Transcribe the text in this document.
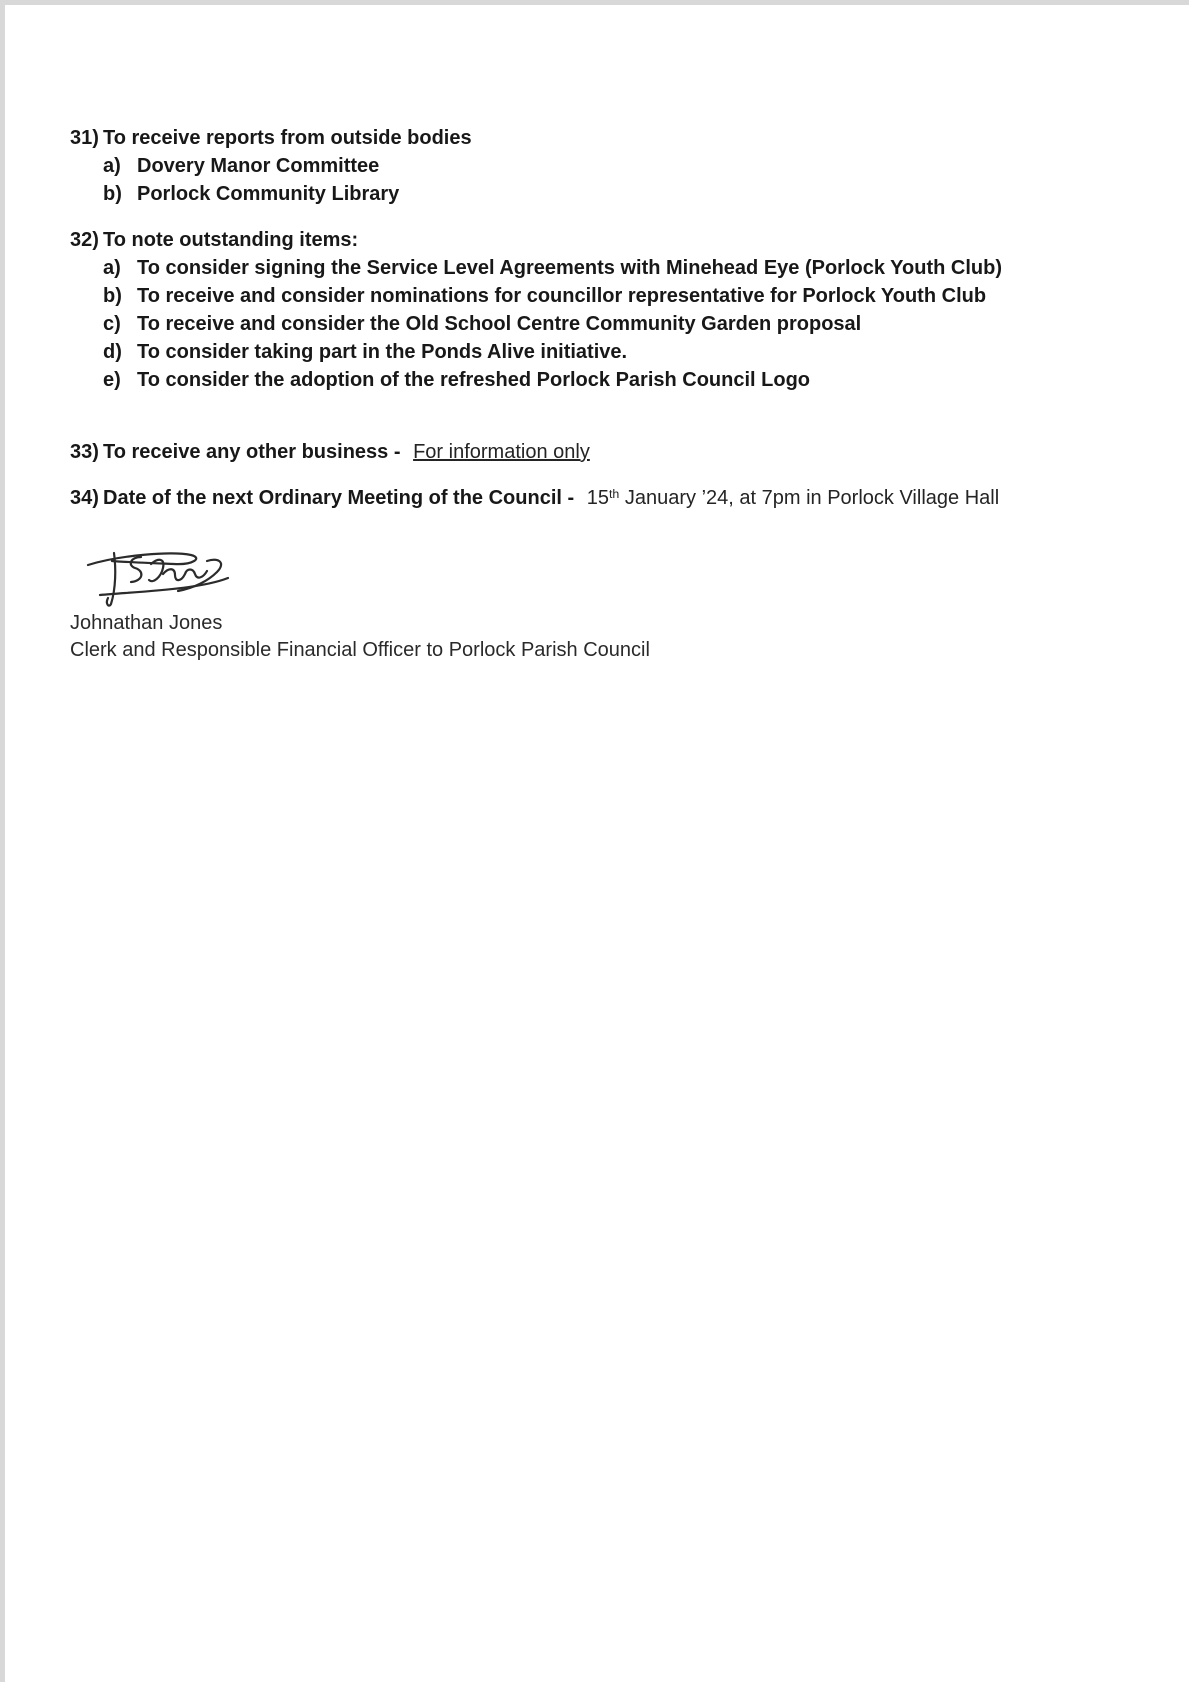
31) To receive reports from outside bodies
a) Dovery Manor Committee
b) Porlock Community Library
32) To note outstanding items:
a) To consider signing the Service Level Agreements with Minehead Eye (Porlock Youth Club)
b) To receive and consider nominations for councillor representative for Porlock Youth Club
c) To receive and consider the Old School Centre Community Garden proposal
d) To consider taking part in the Ponds Alive initiative.
e) To consider the adoption of the refreshed Porlock Parish Council Logo
33) To receive any other business - For information only
34) Date of the next Ordinary Meeting of the Council - 15th January ’24, at 7pm in Porlock Village Hall
Johnathan Jones
Clerk and Responsible Financial Officer to Porlock Parish Council
